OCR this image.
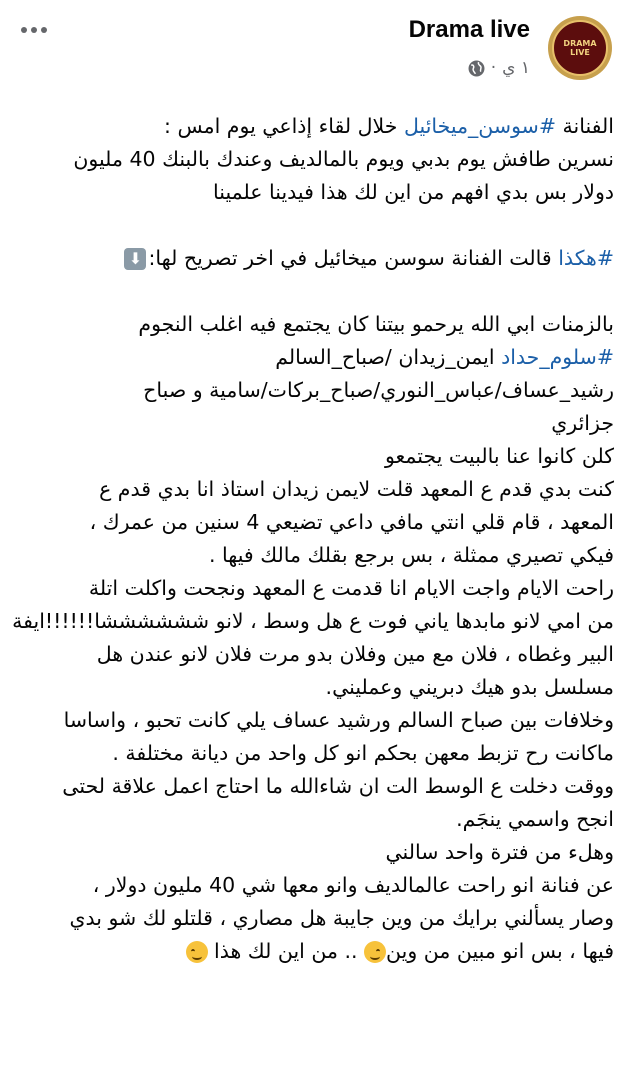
DRAMA
LIVE
Drama live
· ١ ي
الفنانة #سوسن_ميخائيل خلال لقاء إذاعي يوم امس :
نسرين طافش يوم بدبي ويوم بالمالديف وعندك بالبنك 40 مليون
دولار بس بدي افهم من اين لك هذا فيدينا علمينا
#هكذا قالت الفنانة سوسن ميخائيل في اخر تصريح لها:⬇
بالزمنات ابي الله يرحمو بيتنا كان يجتمع فيه اغلب النجوم
#سلوم_حداد ايمن_زيدان /صباح_السالم
رشيد_عساف/عباس_النوري/صباح_بركات/سامية و صباح
جزائري
كلن كانوا عنا بالبيت يجتمعو
كنت بدي قدم ع المعهد قلت لايمن زيدان استاذ انا بدي قدم ع
المعهد ، قام قلي انتي مافي داعي تضيعي 4 سنين من عمرك ،
فيكي تصيري ممثلة ، بس برجع بقلك مالك فيها .
راحت الايام واجت الايام انا قدمت ع المعهد ونجحت واكلت اتلة
من امي لانو مابدها ياني فوت ع هل وسط ، لانو ششششششا!!!!!!ايفة
البير وغطاه ، فلان مع مين وفلان بدو مرت فلان لانو عندن هل
مسلسل بدو هيك دبريني وعمليني.
وخلافات بين صباح السالم ورشيد عساف يلي كانت تحبو ، واساسا
ماكانت رح تزبط معهن بحكم انو كل واحد من ديانة مختلفة .
ووقت دخلت ع الوسط الت ان شاءالله ما احتاج اعمل علاقة لحتى
انجح واسمي ينجَم.
وهلء من فترة واحد سالني
عن فنانة انو راحت عالمالديف وانو معها شي 40 مليون دولار ،
وصار يسألني برايك من وين جايبة هل مصاري ، قلتلو لك شو بدي
فيها ، بس انو مبين من وين .. من اين لك هذا
